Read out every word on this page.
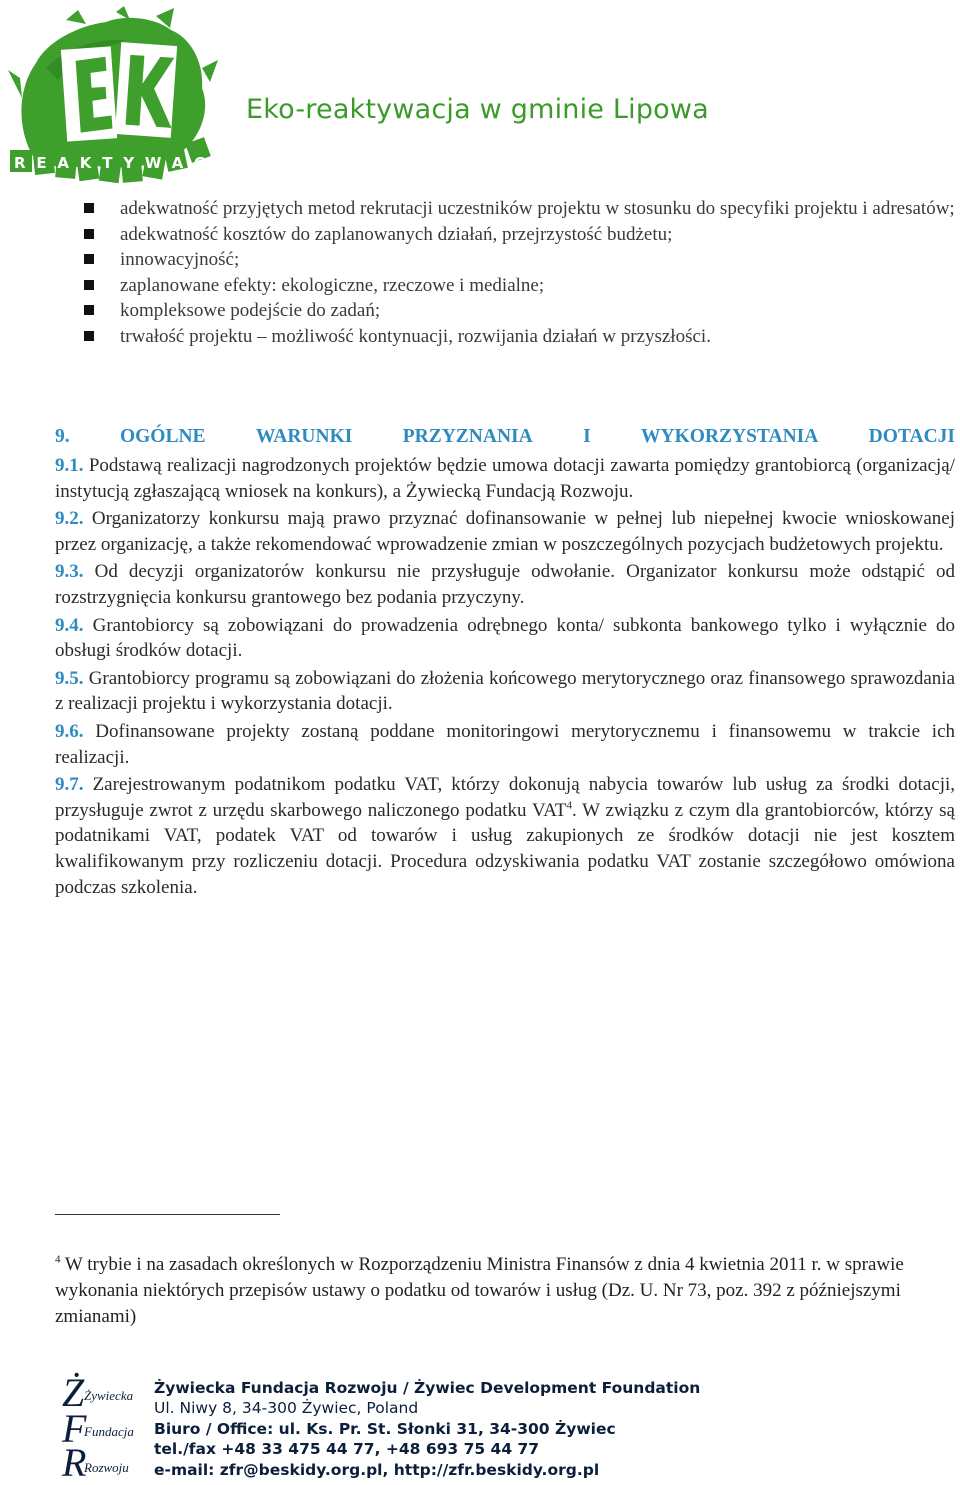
REAKTYWACJA
Eko-reaktywacja w gminie Lipowa
adekwatność przyjętych metod rekrutacji uczestników projektu w stosunku do specyfiki projektu i adresatów;
adekwatność kosztów do zaplanowanych działań, przejrzystość budżetu;
innowacyjność;
zaplanowane efekty: ekologiczne, rzeczowe i medialne;
kompleksowe podejście do zadań;
trwałość projektu – możliwość kontynuacji, rozwijania działań w przyszłości.
9.	OGÓLNE	WARUNKI	PRZYZNANIA	I	WYKORZYSTANIA	DOTACJI

9.1. Podstawą realizacji nagrodzonych projektów będzie umowa dotacji zawarta pomiędzy grantobiorcą (organizacją/ instytucją zgłaszającą wniosek na konkurs), a Żywiecką Fundacją Rozwoju.

9.2. Organizatorzy konkursu mają prawo przyznać dofinansowanie w pełnej lub niepełnej kwocie wnioskowanej przez organizację, a także rekomendować wprowadzenie zmian w poszczególnych pozycjach budżetowych projektu.

9.3. Od decyzji organizatorów konkursu nie przysługuje odwołanie. Organizator konkursu może odstąpić od rozstrzygnięcia konkursu grantowego bez podania przyczyny.

9.4. Grantobiorcy są zobowiązani do prowadzenia odrębnego konta/ subkonta bankowego tylko i wyłącznie do obsługi środków dotacji.

9.5. Grantobiorcy programu są zobowiązani do złożenia końcowego merytorycznego oraz finansowego sprawozdania z realizacji projektu i wykorzystania dotacji.

9.6. Dofinansowane projekty zostaną poddane monitoringowi merytorycznemu i finansowemu w trakcie ich realizacji.

9.7. Zarejestrowanym podatnikom podatku VAT, którzy dokonują nabycia towarów lub usług za środki dotacji, przysługuje zwrot z urzędu skarbowego naliczonego podatku VAT$^4$. W związku z czym dla grantobiorców, którzy są podatnikami VAT, podatek VAT od towarów i usług zakupionych ze środków dotacji nie jest kosztem kwalifikowanym przy rozliczeniu dotacji. Procedura odzyskiwania podatku VAT zostanie szczegółowo omówiona podczas szkolenia.

$^4$ W trybie i na zasadach określonych w Rozporządzeniu Ministra Finansów z dnia 4 kwietnia 2011 r. w sprawie wykonania niektórych przepisów ustawy o podatku od towarów i usług (Dz. U. Nr 73, poz. 392 z późniejszymi zmianami)
Ż Żywiecka
F
Fundacja
R
Rozwoju
Żywiecka Fundacja Rozwoju / Żywiec Development Foundation
Ul. Niwy 8, 34-300 Żywiec, Poland
Biuro / Office: ul. Ks. Pr. St. Słonki 31, 34-300 Żywiec
tel./fax +48 33 475 44 77, +48 693 75 44 77
e-mail: zfr@beskidy.org.pl, http://zfr.beskidy.org.pl
